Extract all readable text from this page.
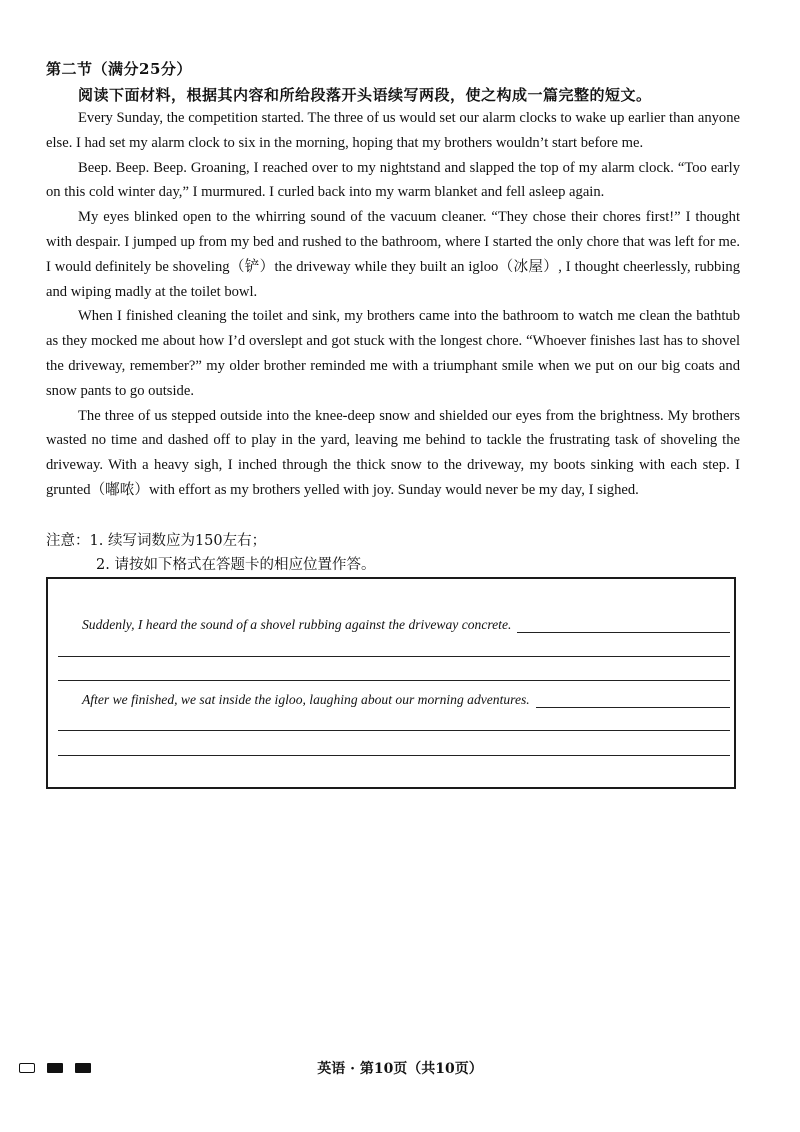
第二节（满分25分）
阅读下面材料，根据其内容和所给段落开头语续写两段，使之构成一篇完整的短文。

Every Sunday, the competition started. The three of us would set our alarm clocks to wake up earlier than anyone else. I had set my alarm clock to six in the morning, hoping that my brothers wouldn’t start before me.

Beep. Beep. Beep. Groaning, I reached over to my nightstand and slapped the top of my alarm clock. “Too early on this cold winter day,” I murmured. I curled back into my warm blanket and fell asleep again.

My eyes blinked open to the whirring sound of the vacuum cleaner. “They chose their chores first!” I thought with despair. I jumped up from my bed and rushed to the bathroom, where I started the only chore that was left for me. I would definitely be shoveling（铲）the driveway while they built an igloo（冰屋）, I thought cheerlessly, rubbing and wiping madly at the toilet bowl.

When I finished cleaning the toilet and sink, my brothers came into the bathroom to watch me clean the bathtub as they mocked me about how I’d overslept and got stuck with the longest chore. “Whoever finishes last has to shovel the driveway, remember?” my older brother reminded me with a triumphant smile when we put on our big coats and snow pants to go outside.

The three of us stepped outside into the knee-deep snow and shielded our eyes from the brightness. My brothers wasted no time and dashed off to play in the yard, leaving me behind to tackle the frustrating task of shoveling the driveway. With a heavy sigh, I inched through the thick snow to the driveway, my boots sinking with each step. I grunted（嘟哝）with effort as my brothers yelled with joy. Sunday would never be my day, I sighed.

注意：1. 续写词数应为150左右；
2. 请按如下格式在答题卡的相应位置作答。
Suddenly, I heard the sound of a shovel rubbing against the driveway concrete.
After we finished, we sat inside the igloo, laughing about our morning adventures.
英语 · 第10页（共10页）
